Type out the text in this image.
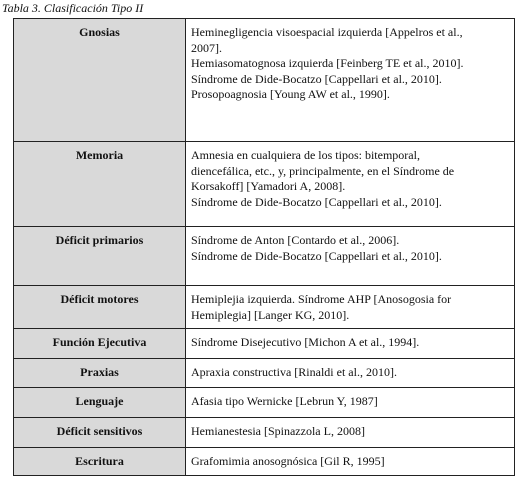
Tabla 3. Clasificación Tipo II
Gnosias	Heminegligencia visoespacial izquierda [Appelros et al.,
2007].
Hemiasomatognosa izquierda [Feinberg TE et al., 2010].
Síndrome de Dide-Bocatzo [Cappellari et al., 2010].
Prosopoagnosia [Young AW et al., 1990].

Memoria	Amnesia en cualquiera de los tipos: bitemporal,
diencefálica, etc., y, principalmente, en el Síndrome de
Korsakoff] [Yamadori A, 2008].
Síndrome de Dide-Bocatzo [Cappellari et al., 2010].

Déficit primarios	Síndrome de Anton [Contardo et al., 2006].
Síndrome de Dide-Bocatzo [Cappellari et al., 2010].

Déficit motores	Hemiplejia izquierda. Síndrome AHP [Anosogosia for
Hemiplegia] [Langer KG, 2010].

Función Ejecutiva	Síndrome Disejecutivo [Michon A et al., 1994].

Praxias	Apraxia constructiva [Rinaldi et al., 2010].

Lenguaje	Afasia tipo Wernicke [Lebrun Y, 1987]

Déficit sensitivos	Hemianestesia [Spinazzola L, 2008]

Escritura	Grafomimia anosognósica [Gil R, 1995]
